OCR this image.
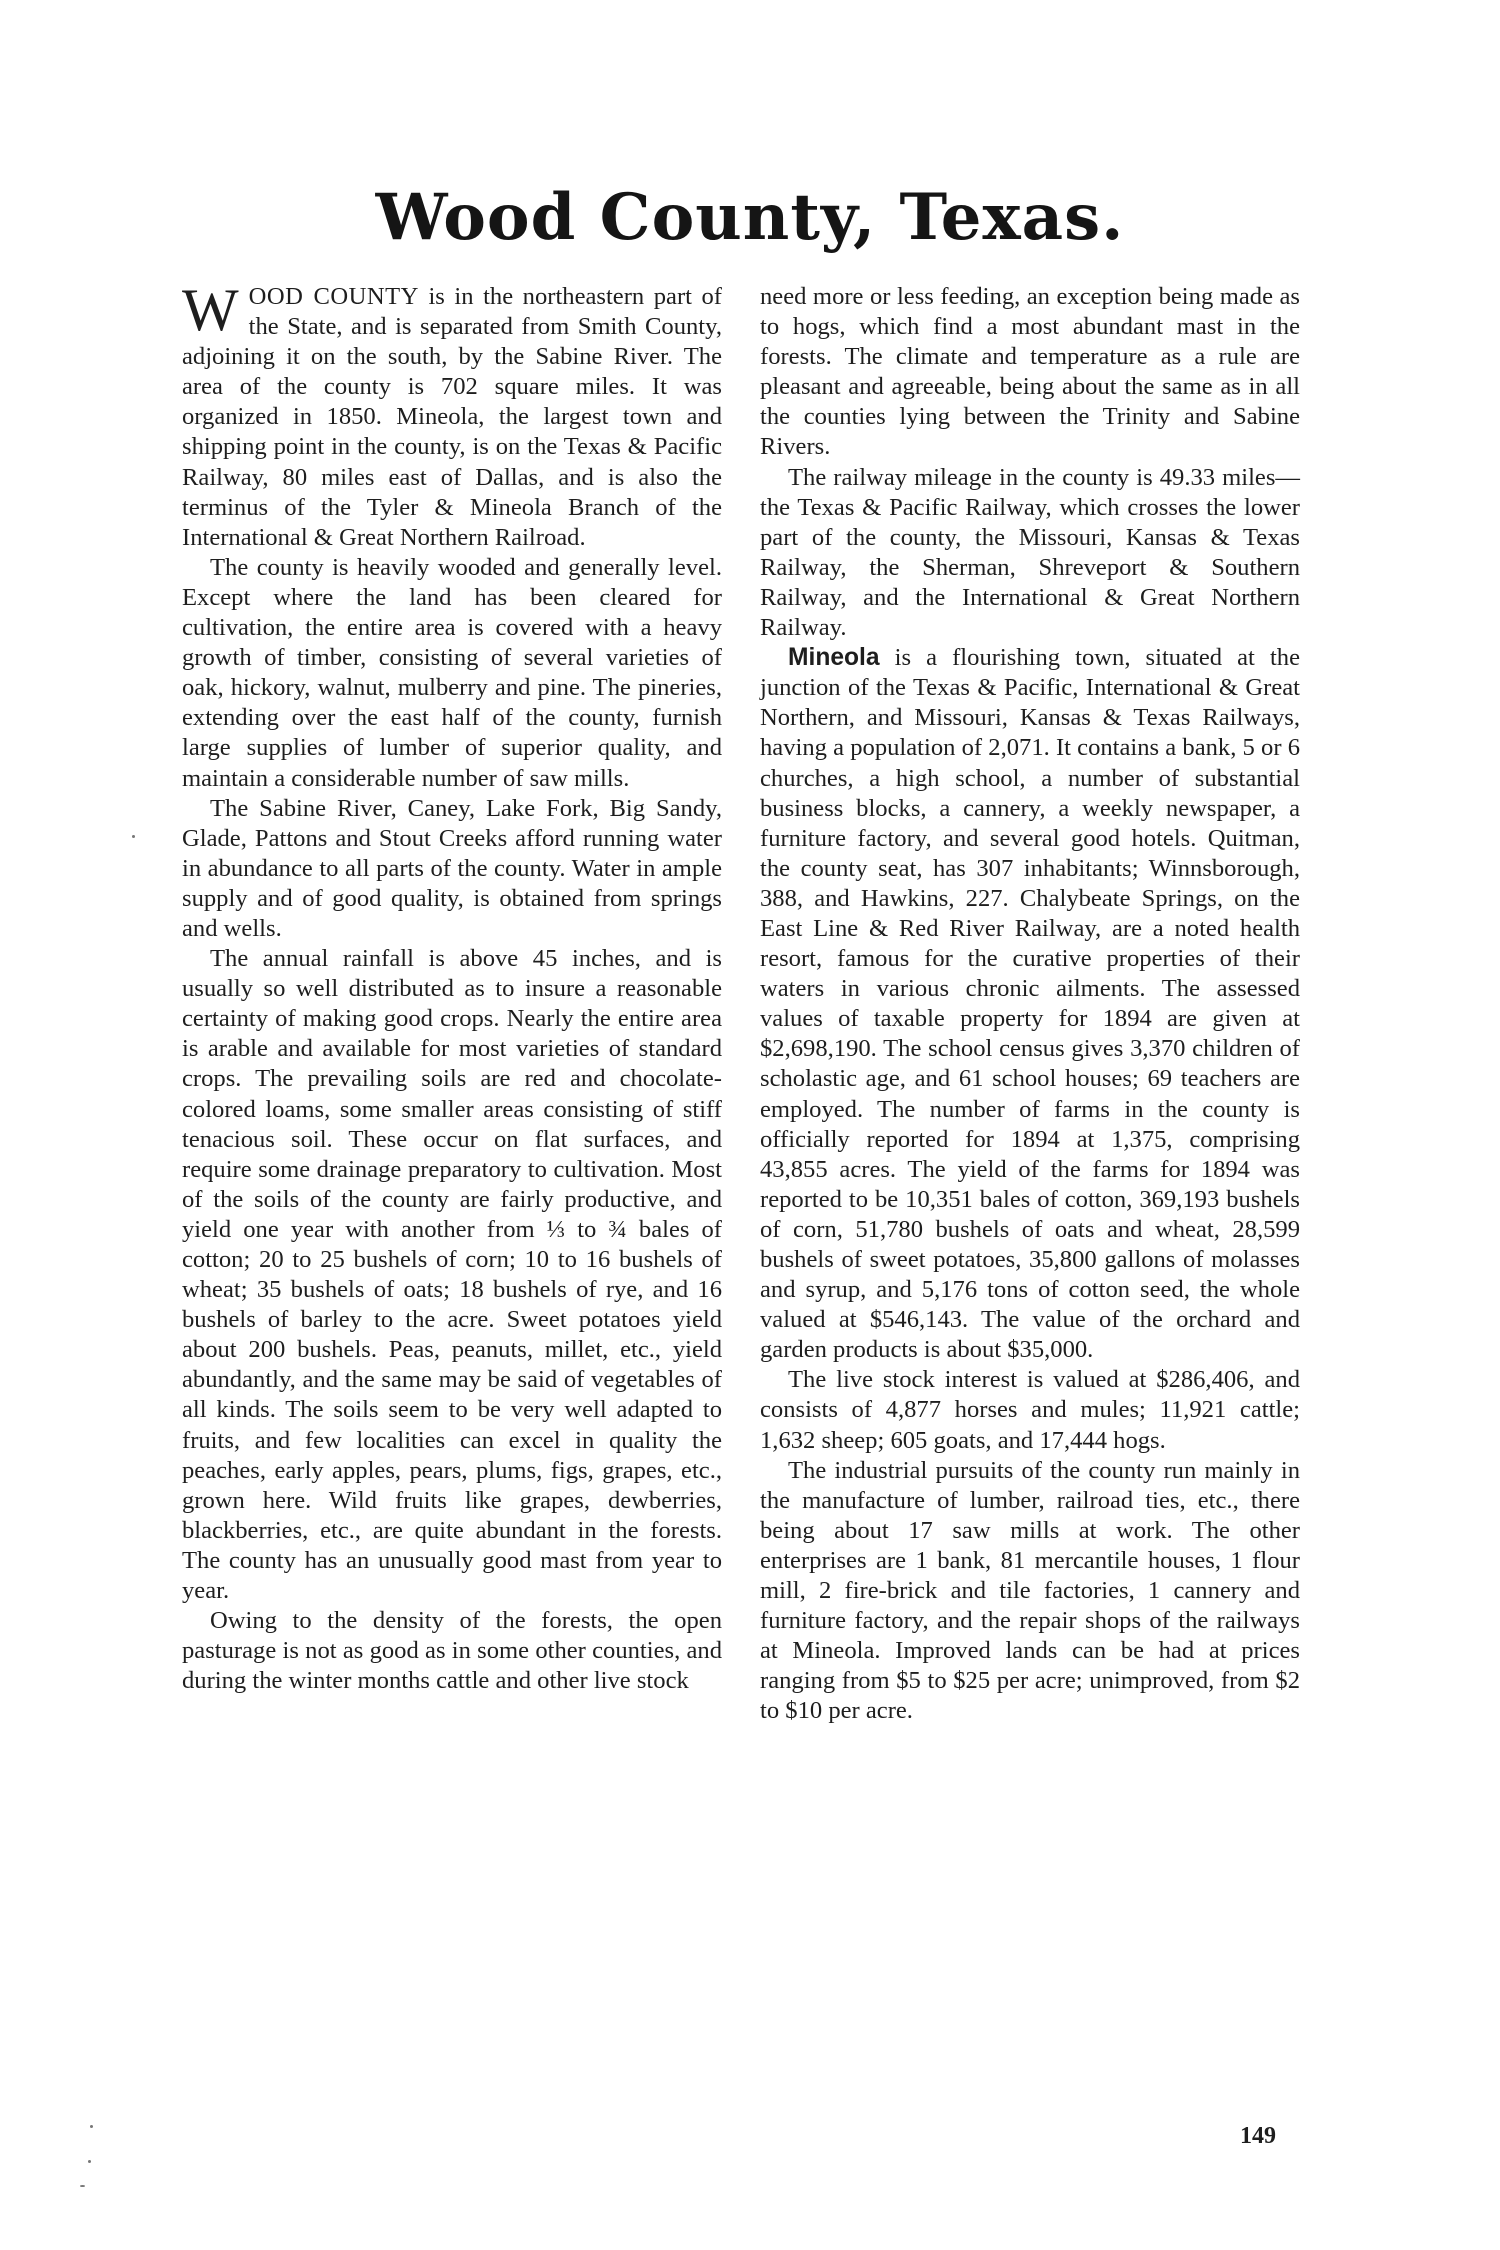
Wood County, Texas.

WOOD COUNTY is in the northeastern part of the State, and is separated from Smith County, adjoining it on the south, by the Sabine River. The area of the county is 702 square miles. It was organized in 1850. Mineola, the largest town and shipping point in the county, is on the Texas & Pacific Railway, 80 miles east of Dallas, and is also the terminus of the Tyler & Mineola Branch of the International & Great Northern Railroad.

The county is heavily wooded and generally level. Except where the land has been cleared for cultivation, the entire area is covered with a heavy growth of timber, consisting of several varieties of oak, hickory, walnut, mulberry and pine. The pineries, extending over the east half of the county, furnish large supplies of lumber of superior quality, and maintain a considerable number of saw mills.

The Sabine River, Caney, Lake Fork, Big Sandy, Glade, Pattons and Stout Creeks afford running water in abundance to all parts of the county. Water in ample supply and of good quality, is obtained from springs and wells.

The annual rainfall is above 45 inches, and is usually so well distributed as to insure a reasonable certainty of making good crops. Nearly the entire area is arable and available for most varieties of standard crops. The prevailing soils are red and chocolate-colored loams, some smaller areas consisting of stiff tenacious soil. These occur on flat surfaces, and require some drainage preparatory to cultivation. Most of the soils of the county are fairly productive, and yield one year with another from ⅓ to ¾ bales of cotton; 20 to 25 bushels of corn; 10 to 16 bushels of wheat; 35 bushels of oats; 18 bushels of rye, and 16 bushels of barley to the acre. Sweet potatoes yield about 200 bushels. Peas, peanuts, millet, etc., yield abundantly, and the same may be said of vegetables of all kinds. The soils seem to be very well adapted to fruits, and few localities can excel in quality the peaches, early apples, pears, plums, figs, grapes, etc., grown here. Wild fruits like grapes, dewberries, blackberries, etc., are quite abundant in the forests. The county has an unusually good mast from year to year.

Owing to the density of the forests, the open pasturage is not as good as in some other counties, and during the winter months cattle and other live stock

need more or less feeding, an exception being made as to hogs, which find a most abundant mast in the forests. The climate and temperature as a rule are pleasant and agreeable, being about the same as in all the counties lying between the Trinity and Sabine Rivers.

The railway mileage in the county is 49.33 miles—the Texas & Pacific Railway, which crosses the lower part of the county, the Missouri, Kansas & Texas Railway, the Sherman, Shreveport & Southern Railway, and the International & Great Northern Railway.

Mineola is a flourishing town, situated at the junction of the Texas & Pacific, International & Great Northern, and Missouri, Kansas & Texas Railways, having a population of 2,071. It contains a bank, 5 or 6 churches, a high school, a number of substantial business blocks, a cannery, a weekly newspaper, a furniture factory, and several good hotels. Quitman, the county seat, has 307 inhabitants; Winnsborough, 388, and Hawkins, 227. Chalybeate Springs, on the East Line & Red River Railway, are a noted health resort, famous for the curative properties of their waters in various chronic ailments. The assessed values of taxable property for 1894 are given at $2,698,190. The school census gives 3,370 children of scholastic age, and 61 school houses; 69 teachers are employed. The number of farms in the county is officially reported for 1894 at 1,375, comprising 43,855 acres. The yield of the farms for 1894 was reported to be 10,351 bales of cotton, 369,193 bushels of corn, 51,780 bushels of oats and wheat, 28,599 bushels of sweet potatoes, 35,800 gallons of molasses and syrup, and 5,176 tons of cotton seed, the whole valued at $546,143. The value of the orchard and garden products is about $35,000.

The live stock interest is valued at $286,406, and consists of 4,877 horses and mules; 11,921 cattle; 1,632 sheep; 605 goats, and 17,444 hogs.

The industrial pursuits of the county run mainly in the manufacture of lumber, railroad ties, etc., there being about 17 saw mills at work. The other enterprises are 1 bank, 81 mercantile houses, 1 flour mill, 2 fire-brick and tile factories, 1 cannery and furniture factory, and the repair shops of the railways at Mineola. Improved lands can be had at prices ranging from $5 to $25 per acre; unimproved, from $2 to $10 per acre.

149
